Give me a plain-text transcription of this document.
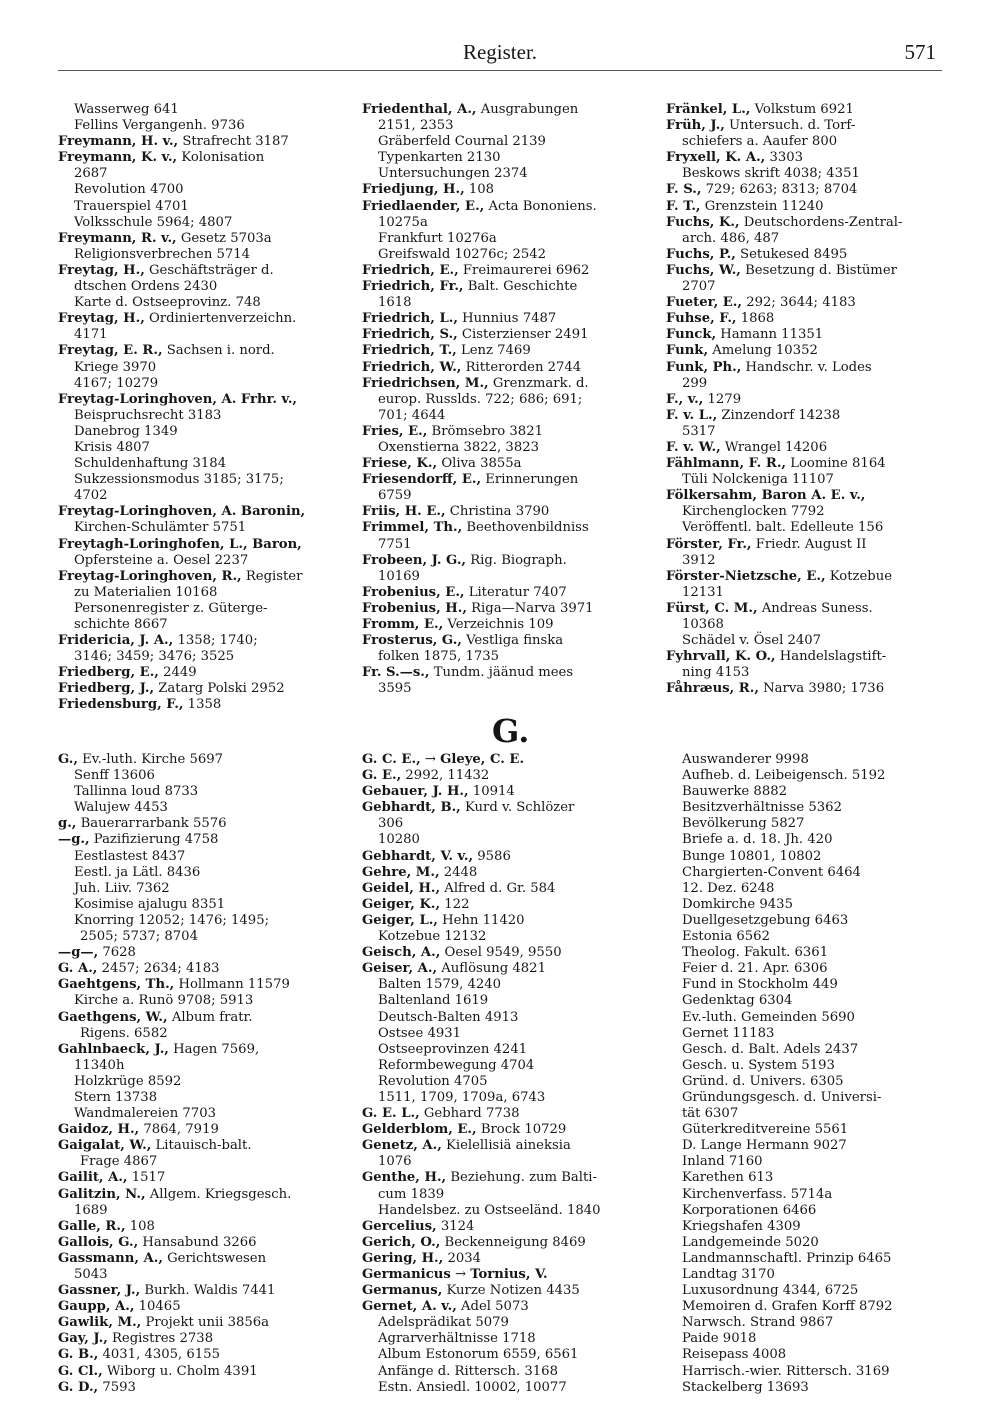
Register.	571
Wasserweg 641
Fellins Vergangenh. 9736
Freymann, H. v., Strafrecht 3187
Freymann, K. v., Kolonisation
2687
Revolution 4700
Trauerspiel 4701
Volksschule 5964; 4807
Freymann, R. v., Gesetz 5703a
Religionsverbrechen 5714
Freytag, H., Geschäftsträger d.
dtschen Ordens 2430
Karte d. Ostseeprovinz. 748
Freytag, H., Ordiniertenverzeichn.
4171
Freytag, E. R., Sachsen i. nord.
Kriege 3970
4167; 10279
Freytag-Loringhoven, A. Frhr. v.,
Beispruchsrecht 3183
Danebrog 1349
Krisis 4807
Schuldenhaftung 3184
Sukzessionsmodus 3185; 3175;
4702
Freytag-Loringhoven, A. Baronin,
Kirchen-Schulämter 5751
Freytagh-Loringhofen, L., Baron,
Opfersteine a. Oesel 2237
Freytag-Loringhoven, R., Register
zu Materialien 10168
Personenregister z. Güterge-
schichte 8667
Fridericia, J. A., 1358; 1740;
3146; 3459; 3476; 3525
Friedberg, E., 2449
Friedberg, J., Zatarg Polski 2952
Friedensburg, F., 1358
Friedenthal, A., Ausgrabungen
2151, 2353
Gräberfeld Cournal 2139
Typenkarten 2130
Untersuchungen 2374
Friedjung, H., 108
Friedlaender, E., Acta Bononiens.
10275a
Frankfurt 10276a
Greifswald 10276c; 2542
Friedrich, E., Freimaurerei 6962
Friedrich, Fr., Balt. Geschichte
1618
Friedrich, L., Hunnius 7487
Friedrich, S., Cisterzienser 2491
Friedrich, T., Lenz 7469
Friedrich, W., Ritterorden 2744
Friedrichsen, M., Grenzmark. d.
europ. Russlds. 722; 686; 691;
701; 4644
Fries, E., Brömsebro 3821
Oxenstierna 3822, 3823
Friese, K., Oliva 3855a
Friesendorff, E., Erinnerungen
6759
Friis, H. E., Christina 3790
Frimmel, Th., Beethovenbildniss
7751
Frobeen, J. G., Rig. Biograph.
10169
Frobenius, E., Literatur 7407
Frobenius, H., Riga—Narva 3971
Fromm, E., Verzeichnis 109
Frosterus, G., Vestliga finska
folken 1875, 1735
Fr. S.—s., Tundm. jäänud mees
3595
Fränkel, L., Volkstum 6921
Früh, J., Untersuch. d. Torf-
schiefers a. Aaufer 800
Fryxell, K. A., 3303
Beskows skrift 4038; 4351
F. S., 729; 6263; 8313; 8704
F. T., Grenzstein 11240
Fuchs, K., Deutschordens-Zentral-
arch. 486, 487
Fuchs, P., Setukesed 8495
Fuchs, W., Besetzung d. Bistümer
2707
Fueter, E., 292; 3644; 4183
Fuhse, F., 1868
Funck, Hamann 11351
Funk, Amelung 10352
Funk, Ph., Handschr. v. Lodes
299
F., v., 1279
F. v. L., Zinzendorf 14238
5317
F. v. W., Wrangel 14206
Fählmann, F. R., Loomine 8164
Tüli Nolckeniga 11107
Fölkersahm, Baron A. E. v.,
Kirchenglocken 7792
Veröffentl. balt. Edelleute 156
Förster, Fr., Friedr. August II
3912
Förster-Nietzsche, E., Kotzebue
12131
Fürst, C. M., Andreas Suness.
10368
Schädel v. Ösel 2407
Fyhrvall, K. O., Handelslagstift-
ning 4153
Fåhræus, R., Narva 3980; 1736
G.
G., Ev.-luth. Kirche 5697
Senff 13606
Tallinna loud 8733
Walujew 4453
g., Bauerагrarbank 5576
—g., Pazifizierung 4758
Eestlastest 8437
Eestl. ja Lätl. 8436
Juh. Liiv. 7362
Kosimise ajalugu 8351
Knorring 12052; 1476; 1495;
2505; 5737; 8704
—g—, 7628
G. A., 2457; 2634; 4183
Gaehtgens, Th., Hollmann 11579
Kirche a. Runö 9708; 5913
Gaethgens, W., Album fratr.
Rigens. 6582
Gahlnbaeck, J., Hagen 7569,
11340h
Holzkrüge 8592
Stern 13738
Wandmalereien 7703
Gaidoz, H., 7864, 7919
Gaigalat, W., Litauisch-balt.
Frage 4867
Gailit, A., 1517
Galitzin, N., Allgem. Kriegsgesch.
1689
Galle, R., 108
Gallois, G., Hansabund 3266
Gassmann, A., Gerichtswesen
5043
Gassner, J., Burkh. Waldis 7441
Gaupp, A., 10465
Gawlik, M., Projekt unii 3856a
Gay, J., Registres 2738
G. B., 4031, 4305, 6155
G. Cl., Wiborg u. Cholm 4391
G. D., 7593
G. C. E., → Gleye, C. E.
G. E., 2992, 11432
Gebauer, J. H., 10914
Gebhardt, B., Kurd v. Schlözer
306
10280
Gebhardt, V. v., 9586
Gehre, M., 2448
Geidel, H., Alfred d. Gr. 584
Geiger, K., 122
Geiger, L., Hehn 11420
Kotzebue 12132
Geisch, A., Oesel 9549, 9550
Geiser, A., Auflösung 4821
Balten 1579, 4240
Baltenland 1619
Deutsch-Balten 4913
Ostsee 4931
Ostseeprovinzen 4241
Reformbewegung 4704
Revolution 4705
1511, 1709, 1709a, 6743
G. E. L., Gebhard 7738
Gelderblom, E., Brock 10729
Genetz, A., Kielellisiä aineksia
1076
Genthe, H., Beziehung. zum Balti-
cum 1839
Handelsbez. zu Ostseeländ. 1840
Gercelius, 3124
Gerich, O., Beckenneigung 8469
Gering, H., 2034
Germanicus → Tornius, V.
Germanus, Kurze Notizen 4435
Gernet, A. v., Adel 5073
Adelsprädikat 5079
Agrarverhältnisse 1718
Album Estonorum 6559, 6561
Anfänge d. Rittersch. 3168
Estn. Ansiedl. 10002, 10077
Auswanderer 9998
Aufheb. d. Leibeigensch. 5192
Bauwerke 8882
Besitzverhältnisse 5362
Bevölkerung 5827
Briefe a. d. 18. Jh. 420
Bunge 10801, 10802
Chargierten-Convent 6464
12. Dez. 6248
Domkirche 9435
Duellgesetzgebung 6463
Estonia 6562
Theolog. Fakult. 6361
Feier d. 21. Apr. 6306
Fund in Stockholm 449
Gedenktag 6304
Ev.-luth. Gemeinden 5690
Gernet 11183
Gesch. d. Balt. Adels 2437
Gesch. u. System 5193
Gründ. d. Univers. 6305
Gründungsgesch. d. Universi-
tät 6307
Güterkreditvereine 5561
D. Lange Hermann 9027
Inland 7160
Karethen 613
Kirchenverfass. 5714a
Korporationen 6466
Kriegshafen 4309
Landgemeinde 5020
Landmannschaftl. Prinzip 6465
Landtag 3170
Luxusordnung 4344, 6725
Memoiren d. Grafen Korff 8792
Narwsch. Strand 9867
Paide 9018
Reisepass 4008
Harrisch.-wier. Rittersch. 3169
Stackelberg 13693
